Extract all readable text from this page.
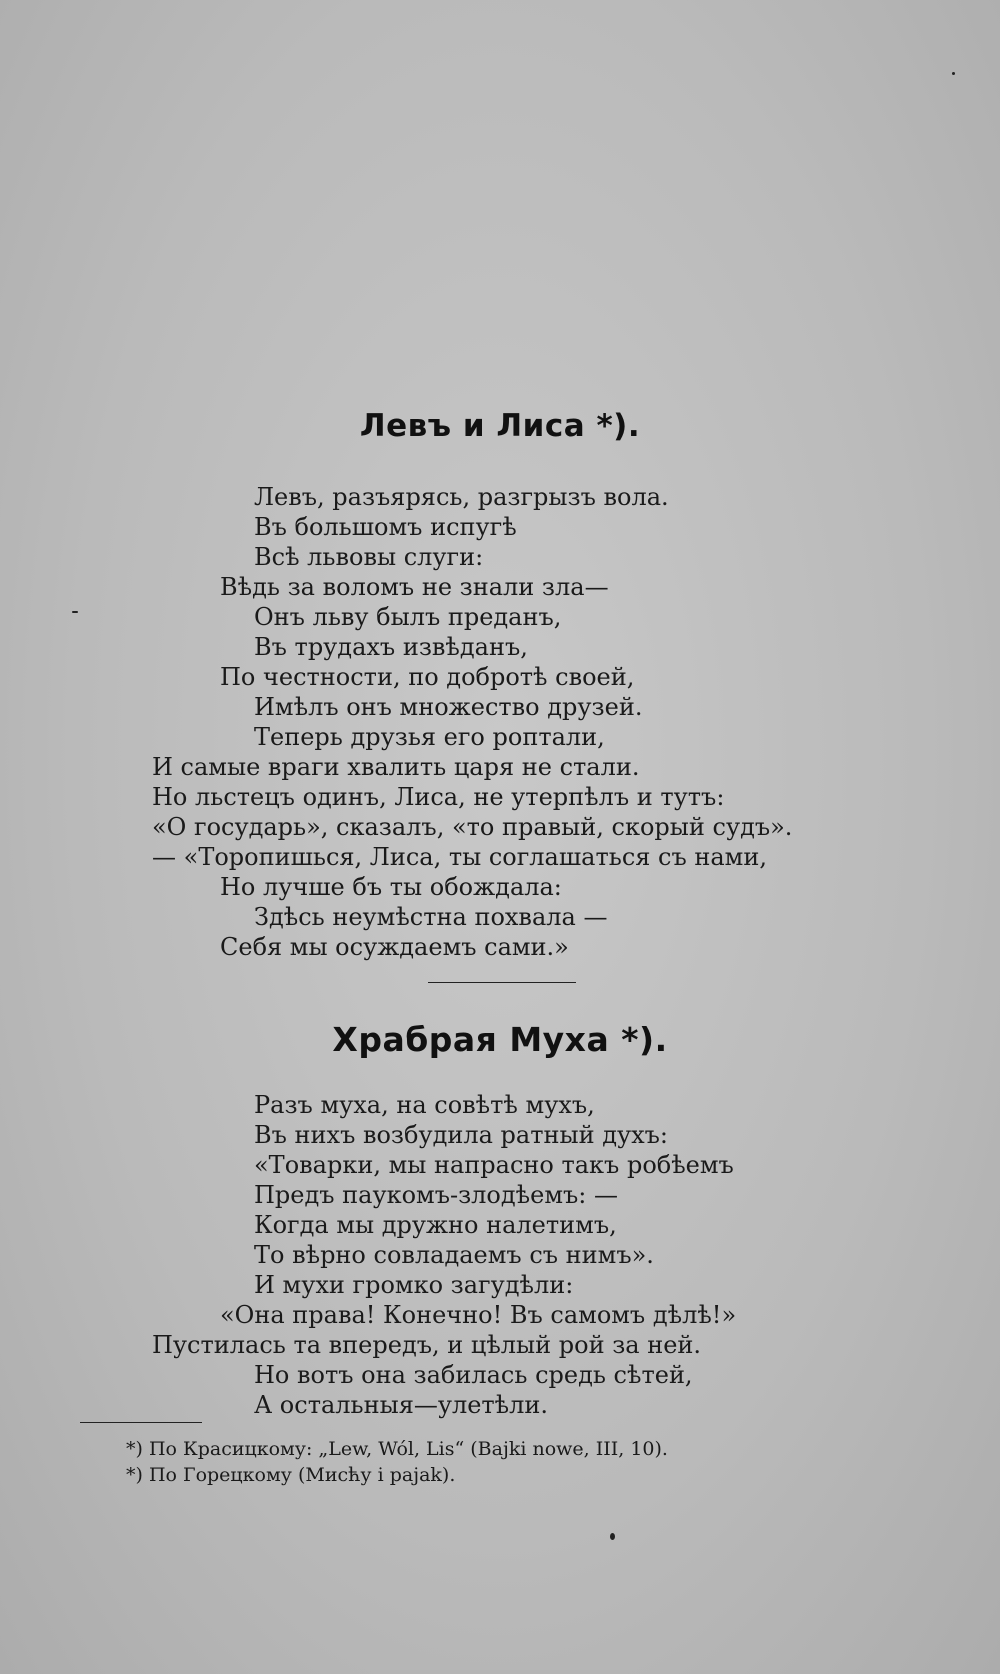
Левъ и Лиса *).
Левъ, разъярясь, разгрызъ вола.
Въ большомъ испугѣ
Всѣ львовы слуги:
Вѣдь за воломъ не знали зла—
Онъ льву былъ преданъ,
Въ трудахъ извѣданъ,
По честности, по добротѣ своей,
Имѣлъ онъ множество друзей.
Теперь друзья его роптали,
И самые враги хвалить царя не стали.
Но льстецъ одинъ, Лиса, не утерпѣлъ и тутъ:
«О государь», сказалъ, «то правый, скорый судъ».
— «Торопишься, Лиса, ты соглашаться съ нами,
Но лучше бъ ты обождала:
Здѣсь неумѣстна похвала —
Себя мы осуждаемъ сами.»
Храбрая Муха *).
Разъ муха, на совѣтѣ мухъ,
Въ нихъ возбудила ратный духъ:
«Товарки, мы напрасно такъ робѣемъ
Предъ паукомъ-злодѣемъ: —
Когда мы дружно налетимъ,
То вѣрно совладаемъ съ нимъ».
И мухи громко загудѣли:
«Она права! Конечно! Въ самомъ дѣлѣ!»
Пустилась та впередъ, и цѣлый рой за ней.
Но вотъ она забилась средь сѣтей,
А остальныя—улетѣли.
*) По Красицкому: „Lew, Wól, Lis“ (Bajki nowe, III, 10).
*) По Горецкому (Мисћу і pajak).
